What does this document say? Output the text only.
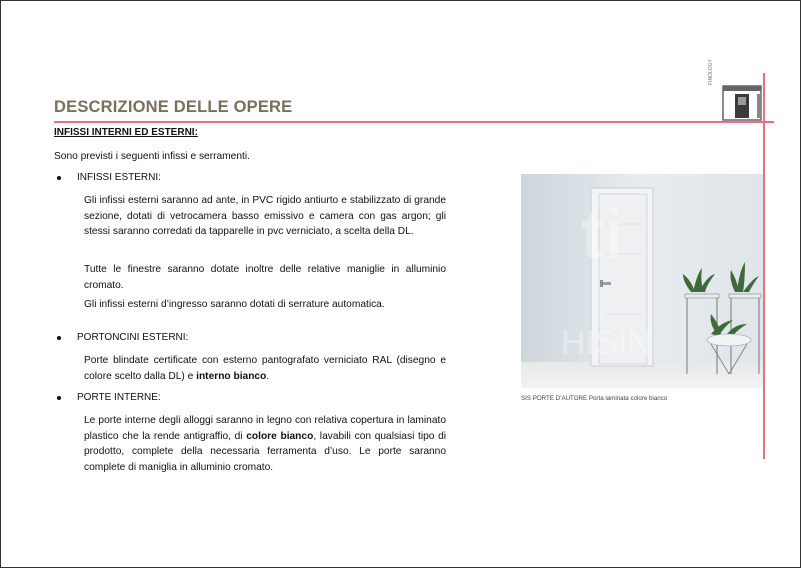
DESCRIZIONE DELLE OPERE
FINOLOGY
INFISSI INTERNI ED ESTERNI:
Sono previsti i seguenti infissi e serramenti.
INFISSI ESTERNI:
Gli infissi esterni saranno ad ante, in PVC rigido antiurto e stabilizzato di grande sezione, dotati di vetrocamera basso emissivo e camera con gas argon; gli stessi saranno corredati da tapparelle in pvc verniciato, a scelta della DL.
Tutte le finestre saranno dotate inoltre delle relative maniglie in alluminio cromato.
Gli infissi esterni d’ingresso saranno dotati di serrature automatica.
PORTONCINI ESTERNI:
Porte blindate certificate con esterno pantografato verniciato RAL (disegno e colore scelto dalla DL) e interno bianco.
PORTE INTERNE:
Le porte interne degli alloggi saranno in legno con relativa copertura in laminato plastico che la rende antigraffio, di colore bianco, lavabili con qualsiasi tipo di prodotto, complete della necessaria ferramenta d’uso. Le porte saranno complete di maniglia in alluminio cromato.
ti
HISIN
SIS PORTE D’AUTORE Porta laminata colore bianco
